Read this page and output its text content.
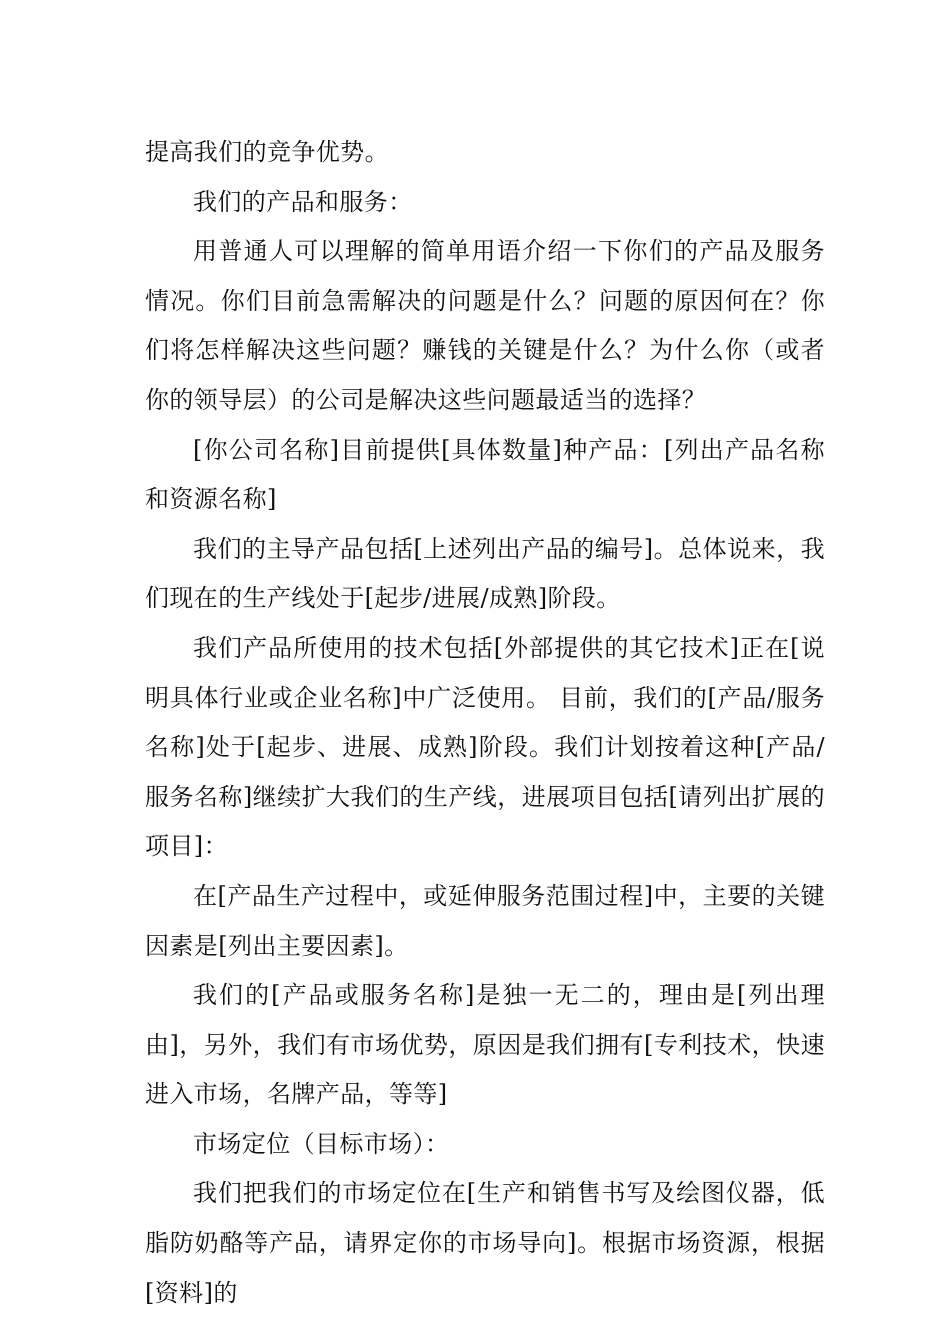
提高我们的竞争优势。

我们的产品和服务：

用普通人可以理解的简单用语介绍一下你们的产品及服务情况。你们目前急需解决的问题是什么？问题的原因何在？你们将怎样解决这些问题？赚钱的关键是什么？为什么你（或者你的领导层）的公司是解决这些问题最适当的选择？

[你公司名称]目前提供[具体数量]种产品：[列出产品名称和资源名称]

我们的主导产品包括[上述列出产品的编号]。总体说来，我们现在的生产线处于[起步/进展/成熟]阶段。

我们产品所使用的技术包括[外部提供的其它技术]正在[说明具体行业或企业名称]中广泛使用。 目前，我们的[产品/服务名称]处于[起步、进展、成熟]阶段。我们计划按着这种[产品/服务名称]继续扩大我们的生产线，进展项目包括[请列出扩展的项目]：

在[产品生产过程中，或延伸服务范围过程]中，主要的关键因素是[列出主要因素]。

我们的[产品或服务名称]是独一无二的，理由是[列出理由]，另外，我们有市场优势，原因是我们拥有[专利技术，快速进入市场，名牌产品，等等]

市场定位（目标市场）：

我们把我们的市场定位在[生产和销售书写及绘图仪器，低脂防奶酪等产品，请界定你的市场导向]。根据市场资源，根据[资料]的
